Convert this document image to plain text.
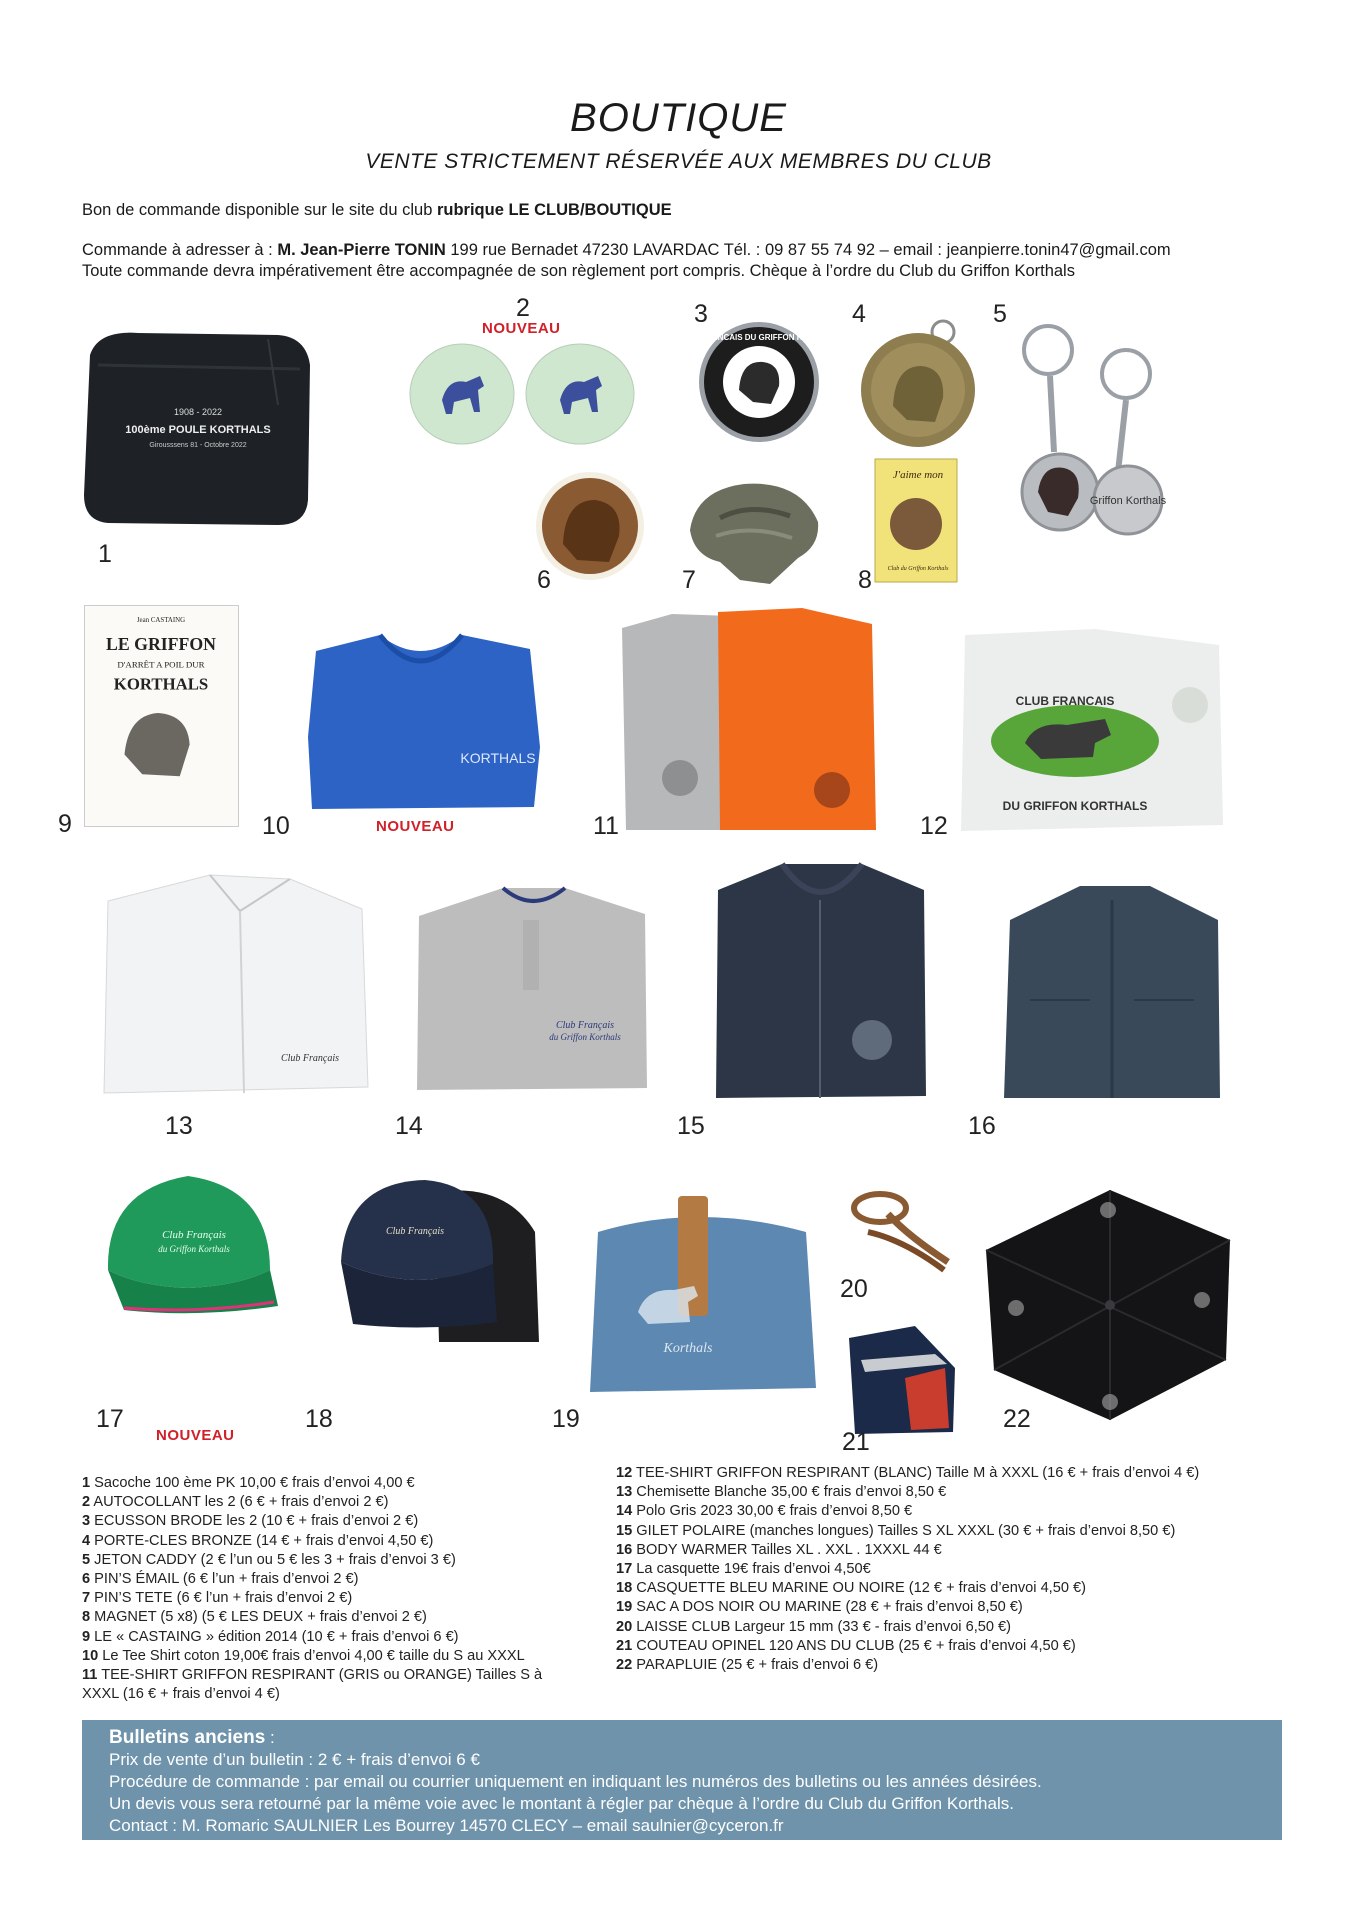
BOUTIQUE
VENTE STRICTEMENT RÉSERVÉE AUX MEMBRES DU CLUB
Bon de commande disponible sur le site du club rubrique LE CLUB/BOUTIQUE
Commande à adresser à : M. Jean-Pierre TONIN 199 rue Bernadet 47230 LAVARDAC Tél. : 09 87 55 74 92 – email : jeanpierre.tonin47@gmail.com
Toute commande devra impérativement être accompagnée de son règlement port compris. Chèque à l’ordre du Club du Griffon Korthals
1908 - 2022
100ème POULE KORTHALS
Girousssens 81 - Octobre 2022
CLUB FRANCAIS DU GRIFFON KORTHALS
Griffon Korthals
J'aime mon
Club du Griffon Korthals
Jean CASTAING
LE GRIFFON
D'ARRÊT A POIL DUR
KORTHALS
KORTHALS
CLUB FRANCAIS
DU GRIFFON KORTHALS
Club Français
Club Français
du Griffon Korthals
Club Français
du Griffon Korthals
Club Français
Korthals
1
2	3	4	5
6	7	8
9	10	11	12
13	14	15	16
17	18	19
20
21
22
NOUVEAU
NOUVEAU
NOUVEAU
1 Sacoche 100 ème PK 10,00 € frais d’envoi 4,00 €
2 AUTOCOLLANT les 2 (6 € + frais d’envoi 2 €)
3 ECUSSON BRODE les 2 (10 € + frais d’envoi 2 €)
4 PORTE-CLES BRONZE (14 € + frais d’envoi 4,50 €)
5 JETON CADDY (2 € l’un ou 5 € les 3 + frais d’envoi 3 €)
6 PIN’S ÉMAIL (6 € l’un + frais d’envoi 2 €)
7 PIN’S TETE (6 € l’un + frais d’envoi 2 €)
8 MAGNET (5 x8) (5 € LES DEUX + frais d’envoi 2 €)
9 LE « CASTAING » édition 2014 (10 € + frais d’envoi 6 €)
10 Le Tee Shirt coton 19,00€ frais d’envoi 4,00 € taille du S au XXXL
11 TEE-SHIRT GRIFFON RESPIRANT (GRIS ou ORANGE) Tailles S à
XXXL (16 € + frais d’envoi 4 €)
12 TEE-SHIRT GRIFFON RESPIRANT (BLANC) Taille M à XXXL (16 € + frais d’envoi 4 €)
13 Chemisette Blanche 35,00 € frais d’envoi 8,50 €
14 Polo Gris 2023 30,00 € frais d’envoi 8,50 €
15 GILET POLAIRE (manches longues) Tailles S XL XXXL (30 € + frais d’envoi 8,50 €)
16 BODY WARMER Tailles XL . XXL . 1XXXL 44 €
17 La casquette 19€ frais d’envoi 4,50€
18 CASQUETTE BLEU MARINE OU NOIRE (12 € + frais d’envoi 4,50 €)
19 SAC A DOS NOIR OU MARINE (28 € + frais d’envoi 8,50 €)
20 LAISSE CLUB Largeur 15 mm (33 € - frais d’envoi 6,50 €)
21 COUTEAU OPINEL 120 ANS DU CLUB (25 € + frais d’envoi 4,50 €)
22 PARAPLUIE (25 € + frais d’envoi 6 €)
Bulletins anciens :
Prix de vente d’un bulletin : 2 € + frais d’envoi 6 €
Procédure de commande : par email ou courrier uniquement en indiquant les numéros des bulletins ou les années désirées.
Un devis vous sera retourné par la même voie avec le montant à régler par chèque à l’ordre du Club du Griffon Korthals.
Contact : M. Romaric SAULNIER Les Bourrey 14570 CLECY – email saulnier@cyceron.fr
